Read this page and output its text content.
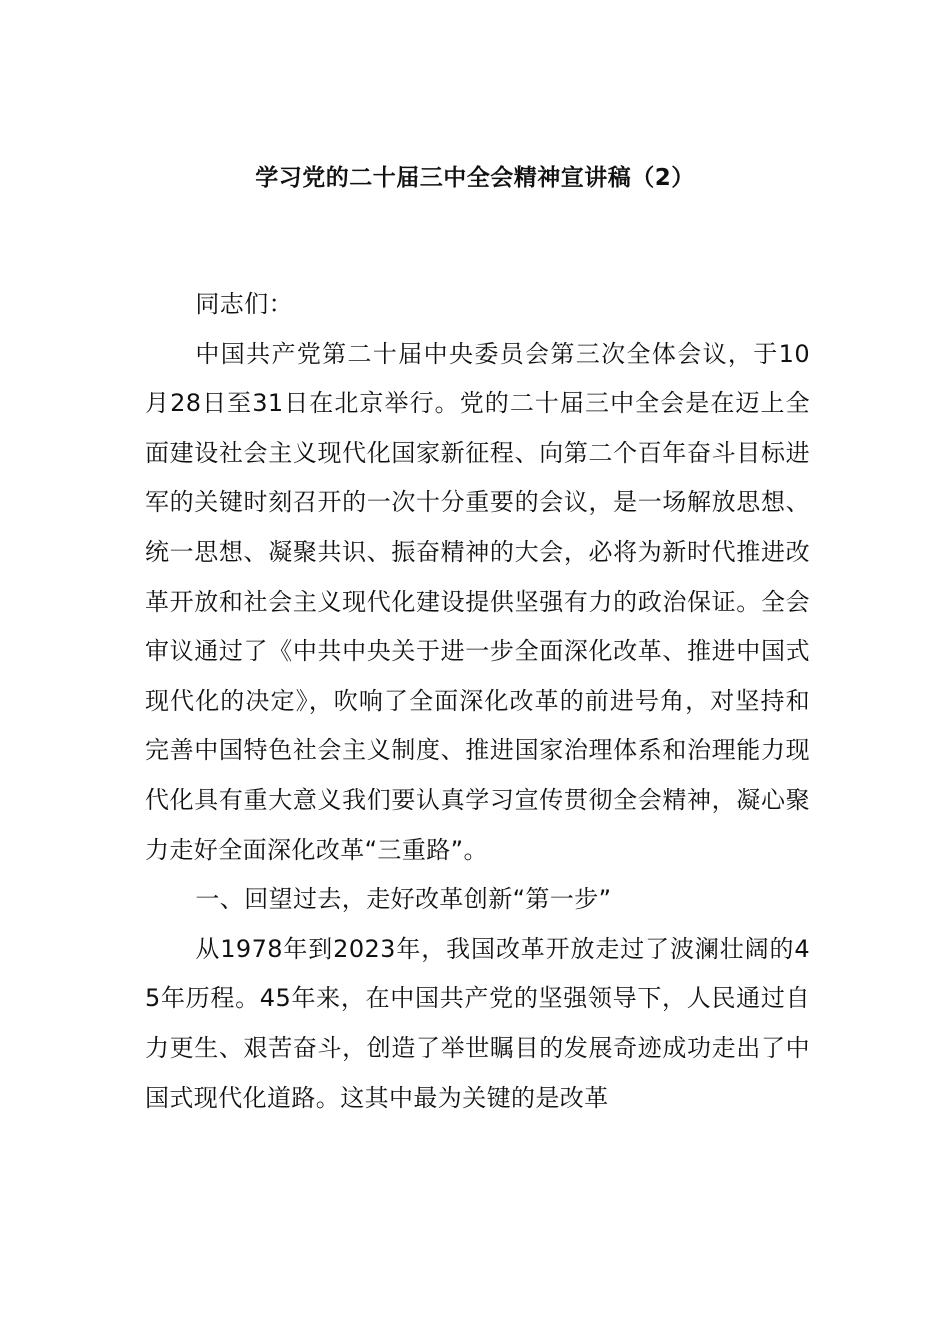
学习党的二十届三中全会精神宣讲稿（2）

同志们：

中国共产党第二十届中央委员会第三次全体会议，于10月28日至31日在北京举行。党的二十届三中全会是在迈上全面建设社会主义现代化国家新征程、向第二个百年奋斗目标进军的关键时刻召开的一次十分重要的会议，是一场解放思想、统一思想、凝聚共识、振奋精神的大会，必将为新时代推进改革开放和社会主义现代化建设提供坚强有力的政治保证。全会审议通过了《中共中央关于进一步全面深化改革、推进中国式现代化的决定》，吹响了全面深化改革的前进号角，对坚持和完善中国特色社会主义制度、推进国家治理体系和治理能力现代化具有重大意义我们要认真学习宣传贯彻全会精神，凝心聚力走好全面深化改革“三重路”。

一、回望过去，走好改革创新“第一步”

从1978年到2023年，我国改革开放走过了波澜壮阔的45年历程。45年来，在中国共产党的坚强领导下，人民通过自力更生、艰苦奋斗，创造了举世瞩目的发展奇迹成功走出了中国式现代化道路。这其中最为关键的是改革
